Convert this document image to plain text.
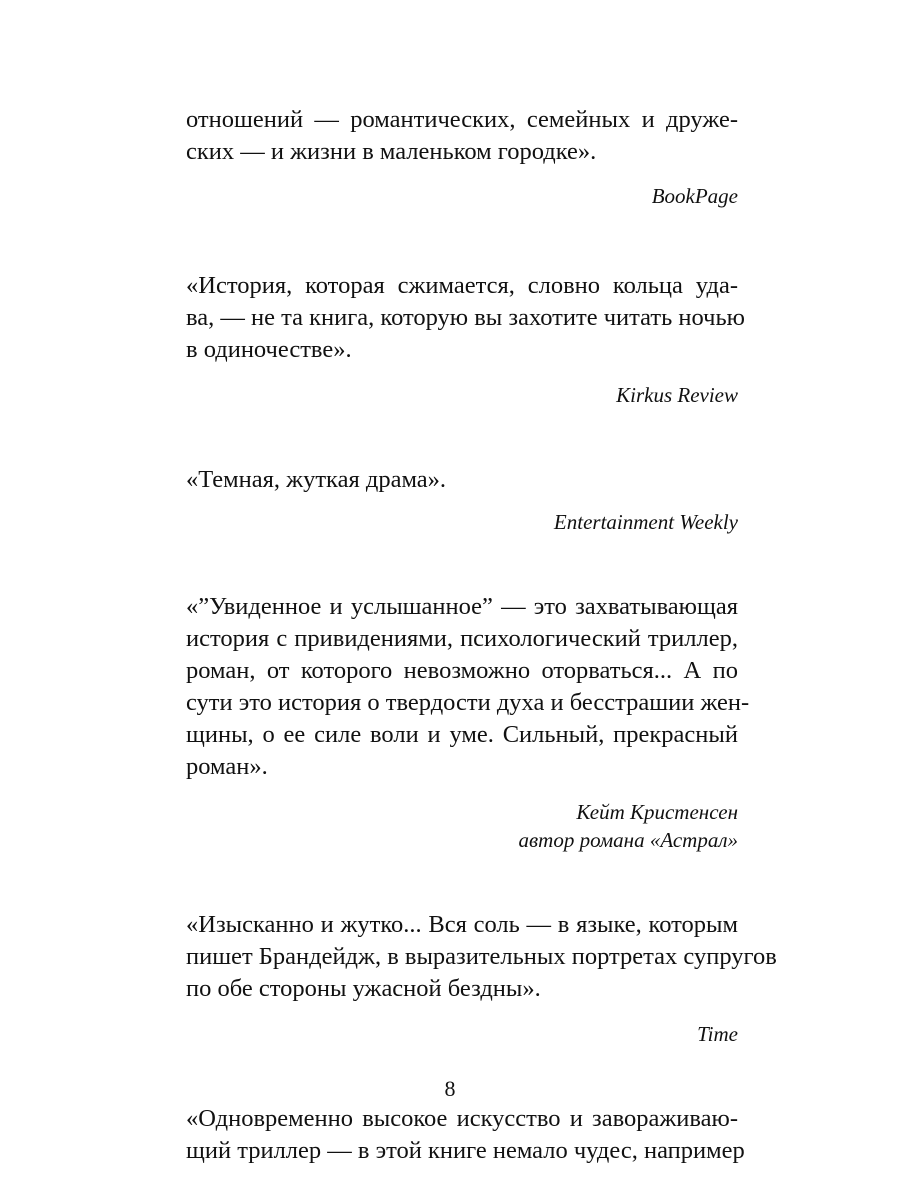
отношений — романтических, семейных и друже-
ских — и жизни в маленьком городке».
BookPage
«История, которая сжимается, словно кольца уда-
ва, — не та книга, которую вы захотите читать ночью
в одиночестве».
Kirkus Review
«Темная, жуткая драма».
Entertainment Weekly
«”Увиденное и услышанное” — это захватывающая
история с привидениями, психологический триллер,
роман, от которого невозможно оторваться... А по
сути это история о твердости духа и бесстрашии жен-
щины, о ее силе воли и уме. Сильный, прекрасный
роман».
Кейт Кристенсен
автор романа «Астрал»
«Изысканно и жутко... Вся соль — в языке, которым
пишет Брандейдж, в выразительных портретах супругов
по обе стороны ужасной бездны».
Time
«Одновременно высокое искусство и завораживаю-
щий триллер — в этой книге немало чудес, например
8
